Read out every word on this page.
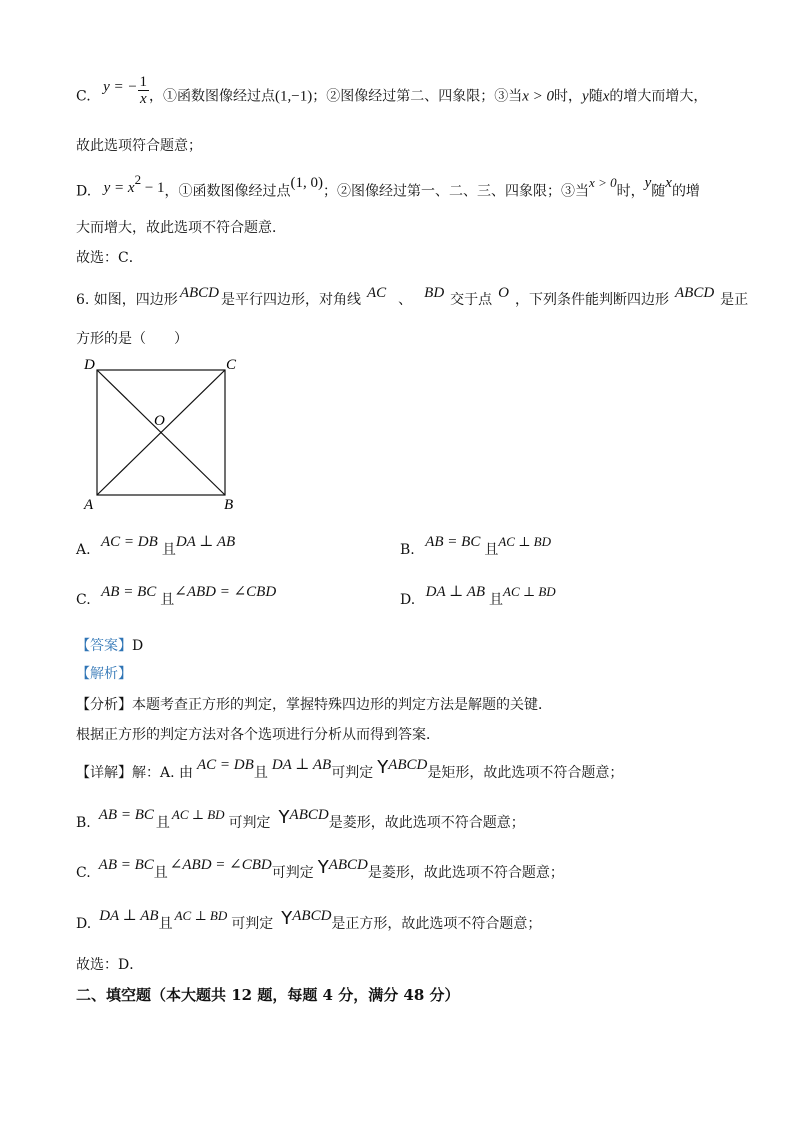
C. y = − $\frac{1}{x}$ ，①函数图像经过点(1,−1)；②图像经过第二、四象限；③当x > 0时，y随x的增大而增大，
故此选项符合题意；
D. $y = x^2 - 1$，①函数图像经过点(1, 0)；②图像经过第一、二、三、四象限；③当x > 0时，y随x的增
大而增大，故此选项不符合题意．
故选：C．
6. 如图，四边形 ABCD 是平行四边形，对角线 AC 、 BD 交于点 O ，下列条件能判断四边形 ABCD 是正
方形的是（　　）
D	C
O
A	B
A. AC = DB 且DA ⊥ AB	B. AB = BC 且AC ⊥ BD
C. AB = BC 且∠ABD = ∠CBD	D. DA ⊥ AB 且AC ⊥ BD
【答案】D
【解析】
【分析】本题考查正方形的判定，掌握特殊四边形的判定方法是解题的关键．
根据正方形的判定方法对各个选项进行分析从而得到答案．
【详解】解：A. 由 AC = DB且 DA ⊥ AB可判定 YABCD是矩形，故此选项不符合题意；
B. AB = BC 且AC ⊥ BD可判定 YABCD是菱形，故此选项不符合题意；
C. AB = BC且 ∠ABD = ∠CBD可判定 YABCD是菱形，故此选项不符合题意；
D. DA ⊥ AB且AC ⊥ BD可判定 YABCD是正方形，故此选项不符合题意；
故选：D．
二、填空题（本大题共 12 题，每题 4 分，满分 48 分）
